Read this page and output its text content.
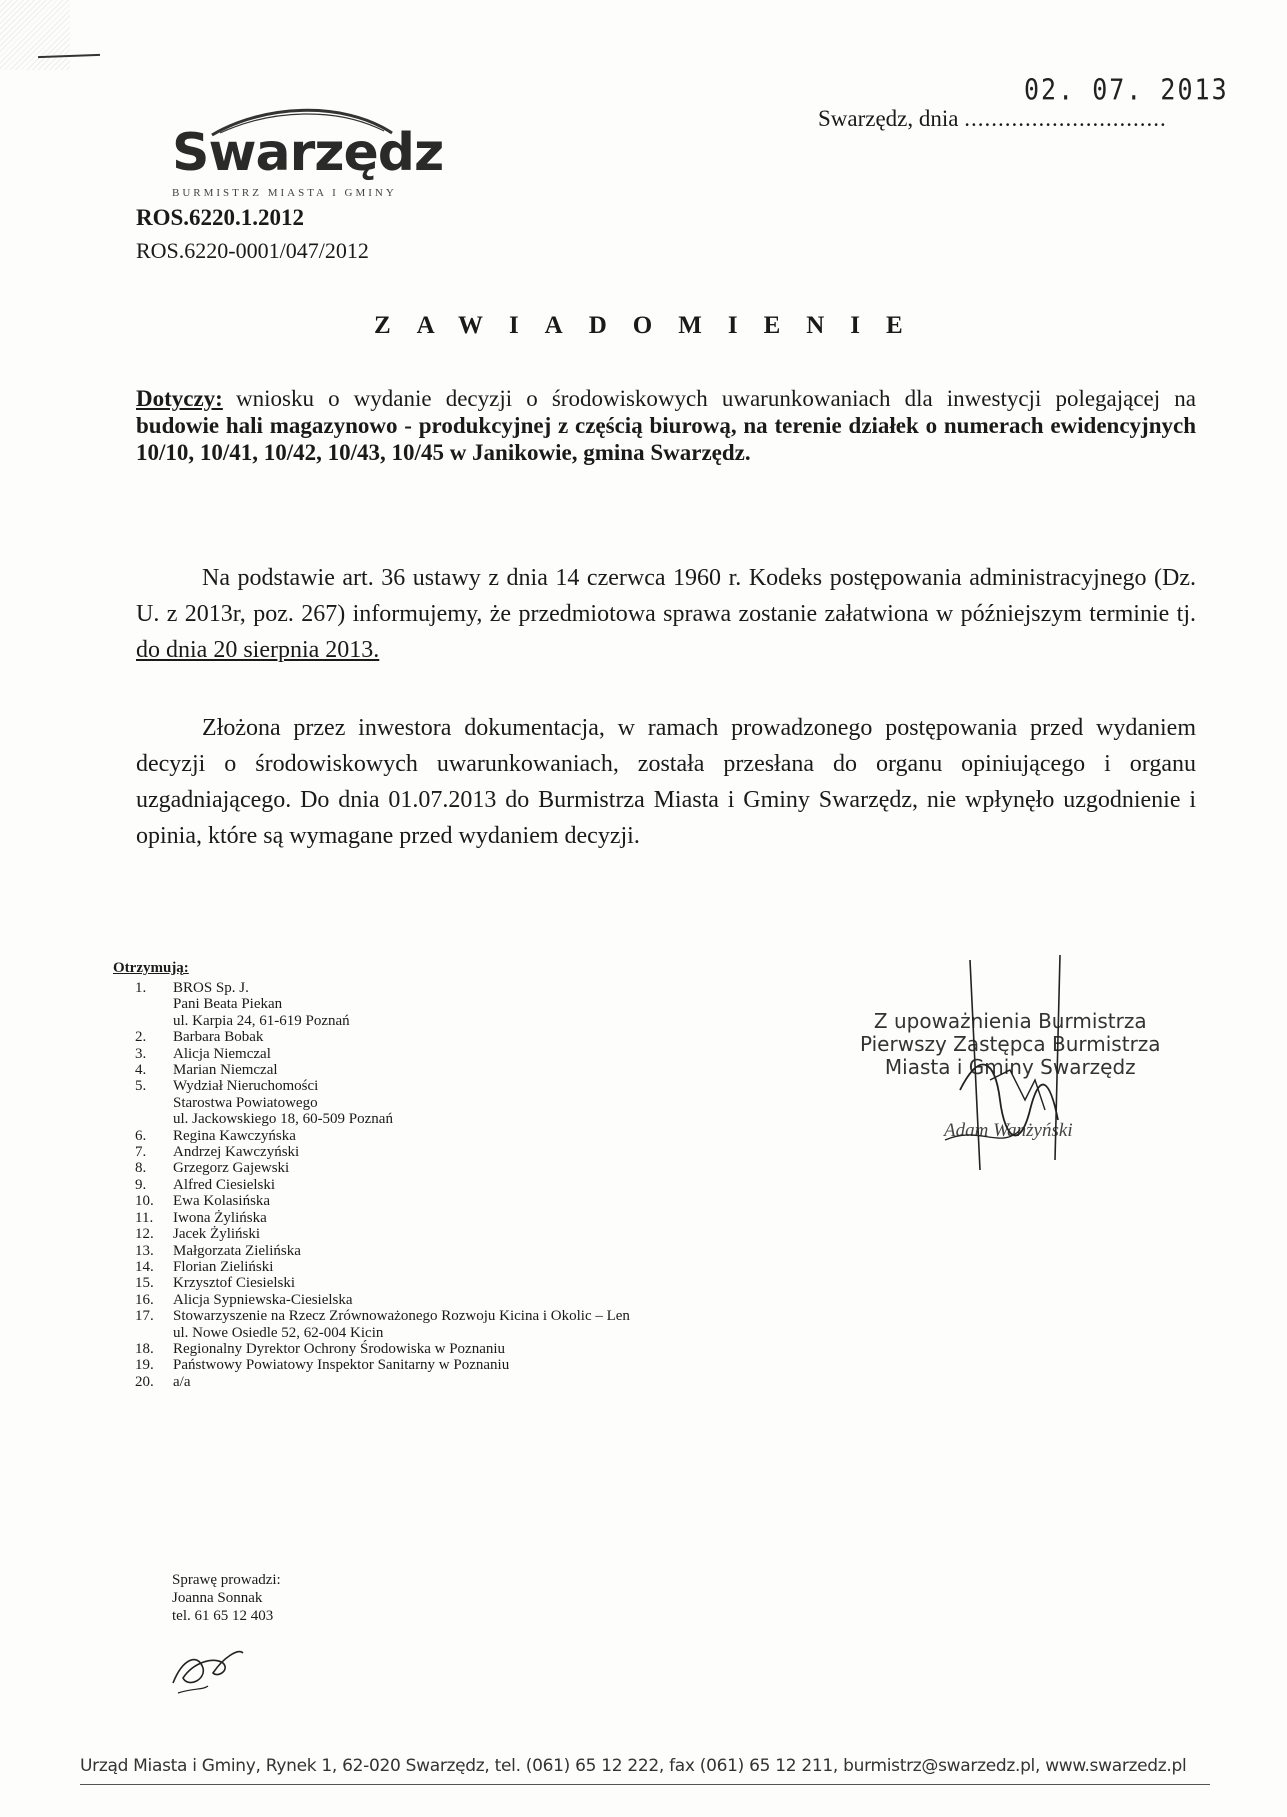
Swarzędz
BURMISTRZ MIASTA I GMINY
ROS.6220.1.2012
ROS.6220-0001/047/2012
Swarzędz, dnia ..............................
02. 07. 2013
ZAWIADOMIENIE
Dotyczy: wniosku o wydanie decyzji o środowiskowych uwarunkowaniach dla inwestycji polegającej na
budowie hali magazynowo - produkcyjnej z częścią biurową, na terenie działek o numerach ewidencyjnych 10/10, 10/41, 10/42, 10/43, 10/45 w Janikowie, gmina Swarzędz.
Na podstawie art. 36 ustawy z dnia 14 czerwca 1960 r. Kodeks postępowania administracyjnego (Dz. U. z 2013r, poz. 267) informujemy, że przedmiotowa sprawa zostanie załatwiona w późniejszym terminie tj. do dnia 20 sierpnia 2013.
Złożona przez inwestora dokumentacja, w ramach prowadzonego postępowania przed wydaniem decyzji o środowiskowych uwarunkowaniach, została przesłana do organu opiniującego i organu uzgadniającego. Do dnia 01.07.2013 do Burmistrza Miasta i Gminy Swarzędz, nie wpłynęło uzgodnienie i opinia, które są wymagane przed wydaniem decyzji.
Otrzymują:
1.	BROS Sp. J.
Pani Beata Piekan
ul. Karpia 24, 61-619 Poznań
2.	Barbara Bobak
3.	Alicja Niemczal
4.	Marian Niemczal
5.	Wydział Nieruchomości
Starostwa Powiatowego
ul. Jackowskiego 18, 60-509 Poznań
6.	Regina Kawczyńska
7.	Andrzej Kawczyński
8.	Grzegorz Gajewski
9.	Alfred Ciesielski
10.	Ewa Kolasińska
11.	Iwona Żylińska
12.	Jacek Żyliński
13.	Małgorzata Zielińska
14.	Florian Zieliński
15.	Krzysztof Ciesielski
16.	Alicja Sypniewska-Ciesielska
17.	Stowarzyszenie na Rzecz Zrównoważonego Rozwoju Kicina i Okolic – Len
ul. Nowe Osiedle 52, 62-004 Kicin
18.	Regionalny Dyrektor Ochrony Środowiska w Poznaniu
19.	Państwowy Powiatowy Inspektor Sanitarny w Poznaniu
20.	a/a
Z upoważnienia Burmistrza
Pierwszy Zastępca Burmistrza
Miasta i Gminy Swarzędz
Adam Wanżyński
Sprawę prowadzi:
Joanna Sonnak
tel. 61 65 12 403
Urząd Miasta i Gminy, Rynek 1, 62-020 Swarzędz, tel. (061) 65 12 222, fax (061) 65 12 211, burmistrz@swarzedz.pl, www.swarzedz.pl
